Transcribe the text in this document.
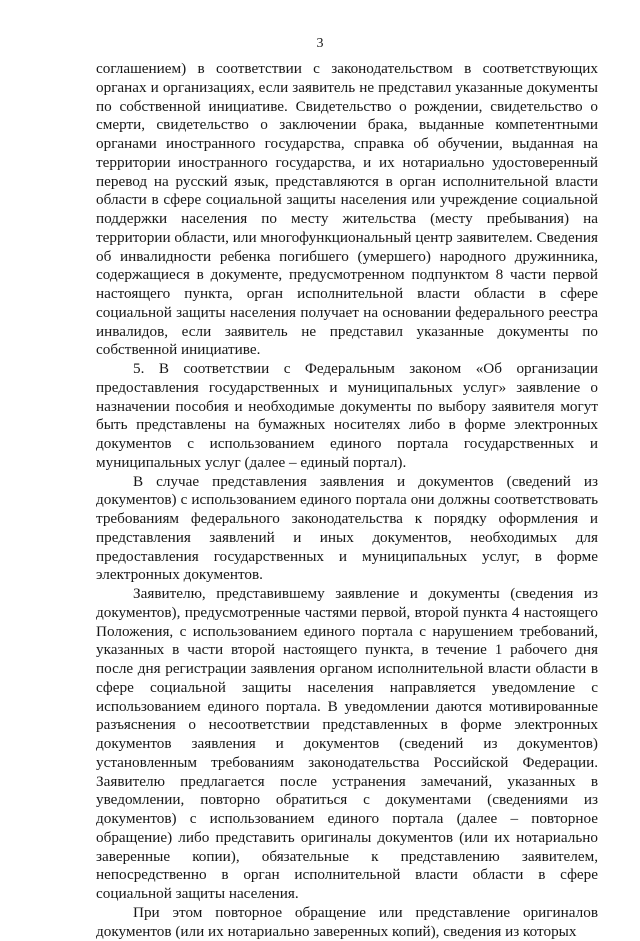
3

соглашением) в соответствии с законодательством в соответствующих органах и организациях, если заявитель не представил указанные документы по собственной инициативе. Свидетельство о рождении, свидетельство о смерти, свидетельство о заключении брака, выданные компетентными органами иностранного государства, справка об обучении, выданная на территории иностранного государства, и их нотариально удостоверенный перевод на русский язык, представляются в орган исполнительной власти области в сфере социальной защиты населения или учреждение социальной поддержки населения по месту жительства (месту пребывания) на территории области, или многофункциональный центр заявителем. Сведения об инвалидности ребенка погибшего (умершего) народного дружинника, содержащиеся в документе, предусмотренном подпунктом 8 части первой настоящего пункта, орган исполнительной власти области в сфере социальной защиты населения получает на основании федерального реестра инвалидов, если заявитель не представил указанные документы по собственной инициативе.

5. В соответствии с Федеральным законом «Об организации предоставления государственных и муниципальных услуг» заявление о назначении пособия и необходимые документы по выбору заявителя могут быть представлены на бумажных носителях либо в форме электронных документов с использованием единого портала государственных и муниципальных услуг (далее – единый портал).

В случае представления заявления и документов (сведений из документов) с использованием единого портала они должны соответствовать требованиям федерального законодательства к порядку оформления и представления заявлений и иных документов, необходимых для предоставления государственных и муниципальных услуг, в форме электронных документов.

Заявителю, представившему заявление и документы (сведения из документов), предусмотренные частями первой, второй пункта 4 настоящего Положения, с использованием единого портала с нарушением требований, указанных в части второй настоящего пункта, в течение 1 рабочего дня после дня регистрации заявления органом исполнительной власти области в сфере социальной защиты населения направляется уведомление с использованием единого портала. В уведомлении даются мотивированные разъяснения о несоответствии представленных в форме электронных документов заявления и документов (сведений из документов) установленным требованиям законодательства Российской Федерации. Заявителю предлагается после устранения замечаний, указанных в уведомлении, повторно обратиться с документами (сведениями из документов) с использованием единого портала (далее – повторное обращение) либо представить оригиналы документов (или их нотариально заверенные копии), обязательные к представлению заявителем, непосредственно в орган исполнительной власти области в сфере социальной защиты населения.

При этом повторное обращение или представление оригиналов документов (или их нотариально заверенных копий), сведения из которых
